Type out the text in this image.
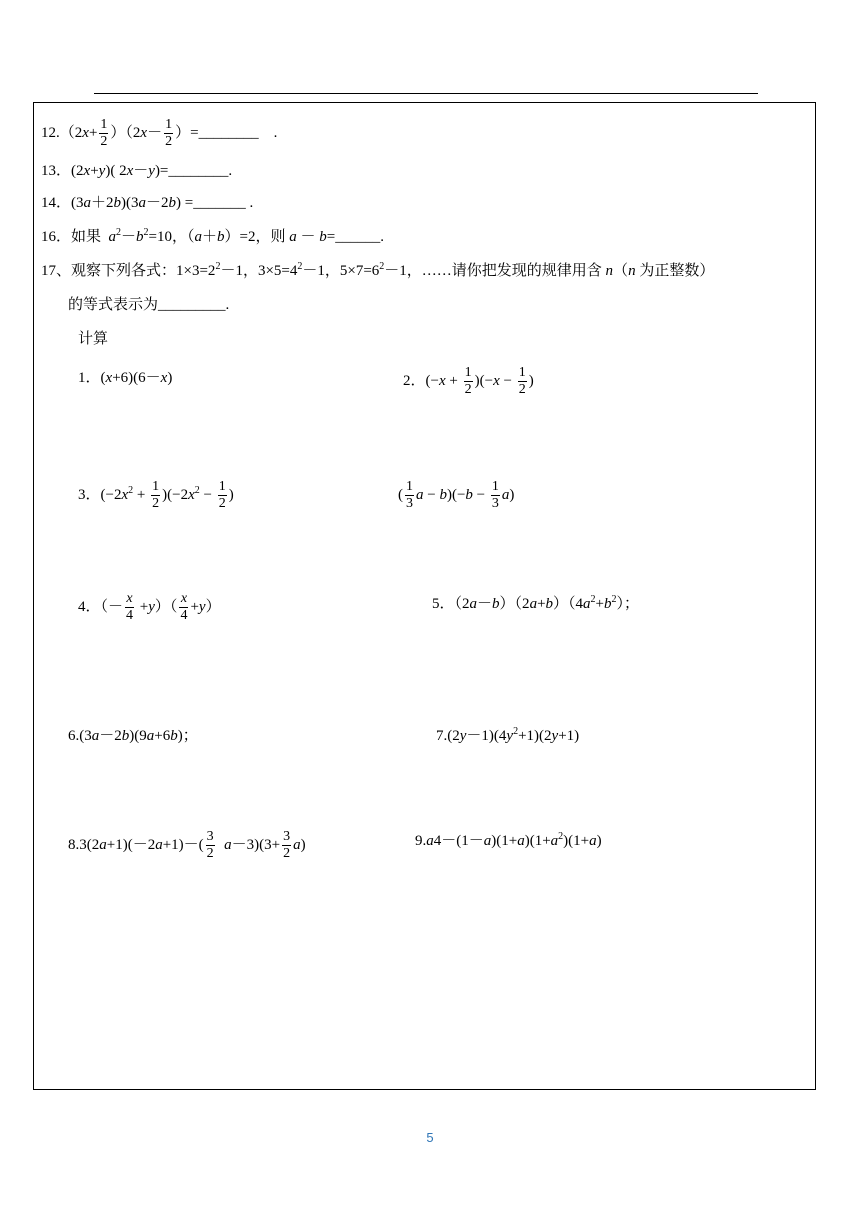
$12.(2x+ \frac{1}{2} )(2x- \frac{1}{2}$ ）=________    .
13．(2x+y)( 2x－y)=________.
14．(3a＋2b)(3a－2b) =_______ .
16．如果 $a^2-b^2=10$，（a＋b）=2，则 a － b=______.
17、观察下列各式：$1\times 3=2^2-1$，$3\times 5=4^2-1$，$5\times 7=6^2-1$，……请你把发现的规律用含 n（n 为正整数）
的等式表示为_________.
计算
1．(x+6)(6－x)	2．$(-x + \frac{1}{2} )(-x - \frac{1}{2}$ )
3．$(-2x^2 + \frac{1}{2} )(-2x^2 - \frac{1}{2}$ )	( $\frac{1}{3}$ $a - b)(-b - \frac{1}{3} a)$
4．（－ $\frac{x}{4} +y)( \frac{x}{4} +y)$	5．$(2a-b)(2a+b)(4a^2+b^2)$；
6.(3a－2b)(9a+6b)；	$7.(2y-1)(4y^2+1)(2y+1)$
$8.3(2a+1)(-2a+1)-( \frac{3}{2} a-3)(3+ \frac{3}{2} a)$	$9.a4-(1-a)(1+a)(1+a^2)(1+a)$
5
